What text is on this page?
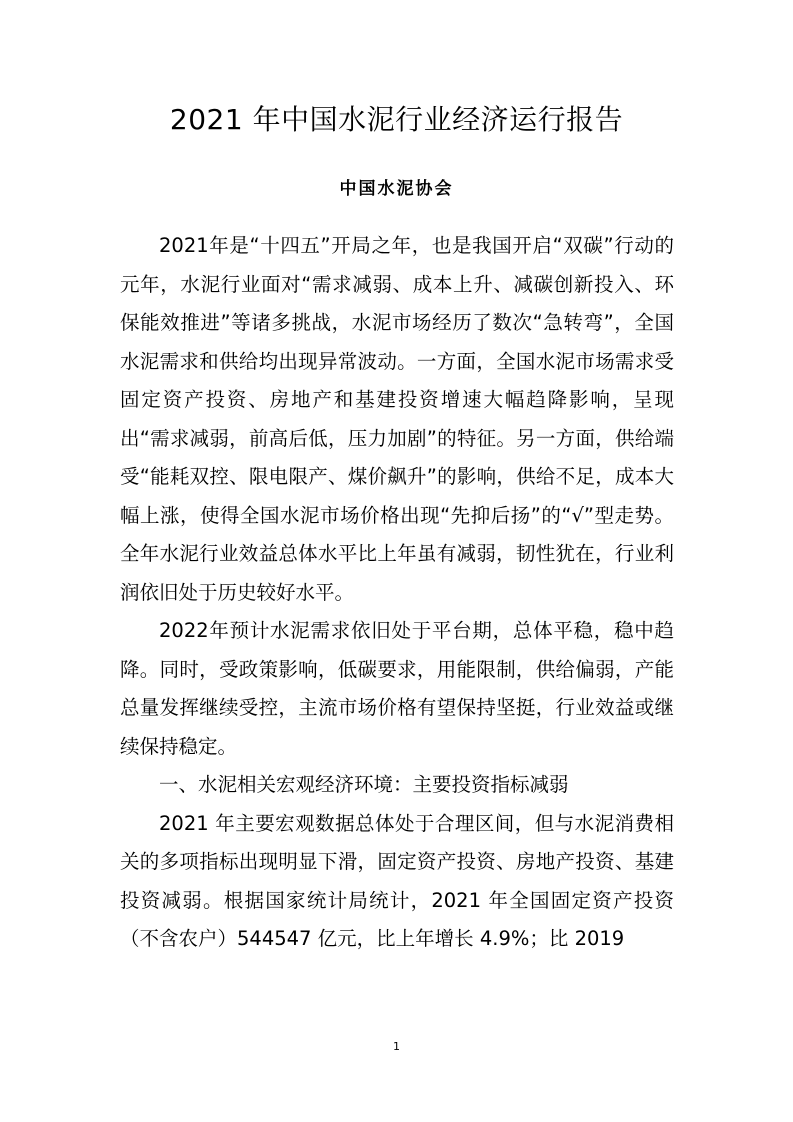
2021 年中国水泥行业经济运行报告
中国水泥协会

2021年是“十四五”开局之年，也是我国开启“双碳”行动的元年，水泥行业面对“需求减弱、成本上升、减碳创新投入、环保能效推进”等诸多挑战，水泥市场经历了数次“急转弯”，全国水泥需求和供给均出现异常波动。一方面，全国水泥市场需求受固定资产投资、房地产和基建投资增速大幅趋降影响，呈现出“需求减弱，前高后低，压力加剧”的特征。另一方面，供给端受“能耗双控、限电限产、煤价飙升”的影响，供给不足，成本大幅上涨，使得全国水泥市场价格出现“先抑后扬”的“√”型走势。全年水泥行业效益总体水平比上年虽有减弱，韧性犹在，行业利润依旧处于历史较好水平。

2022年预计水泥需求依旧处于平台期，总体平稳，稳中趋降。同时，受政策影响，低碳要求，用能限制，供给偏弱，产能总量发挥继续受控，主流市场价格有望保持坚挺，行业效益或继续保持稳定。

一、水泥相关宏观经济环境：主要投资指标减弱

2021 年主要宏观数据总体处于合理区间，但与水泥消费相关的多项指标出现明显下滑，固定资产投资、房地产投资、基建投资减弱。根据国家统计局统计，2021 年全国固定资产投资（不含农户）544547 亿元，比上年增长 4.9%；比 2019

1
